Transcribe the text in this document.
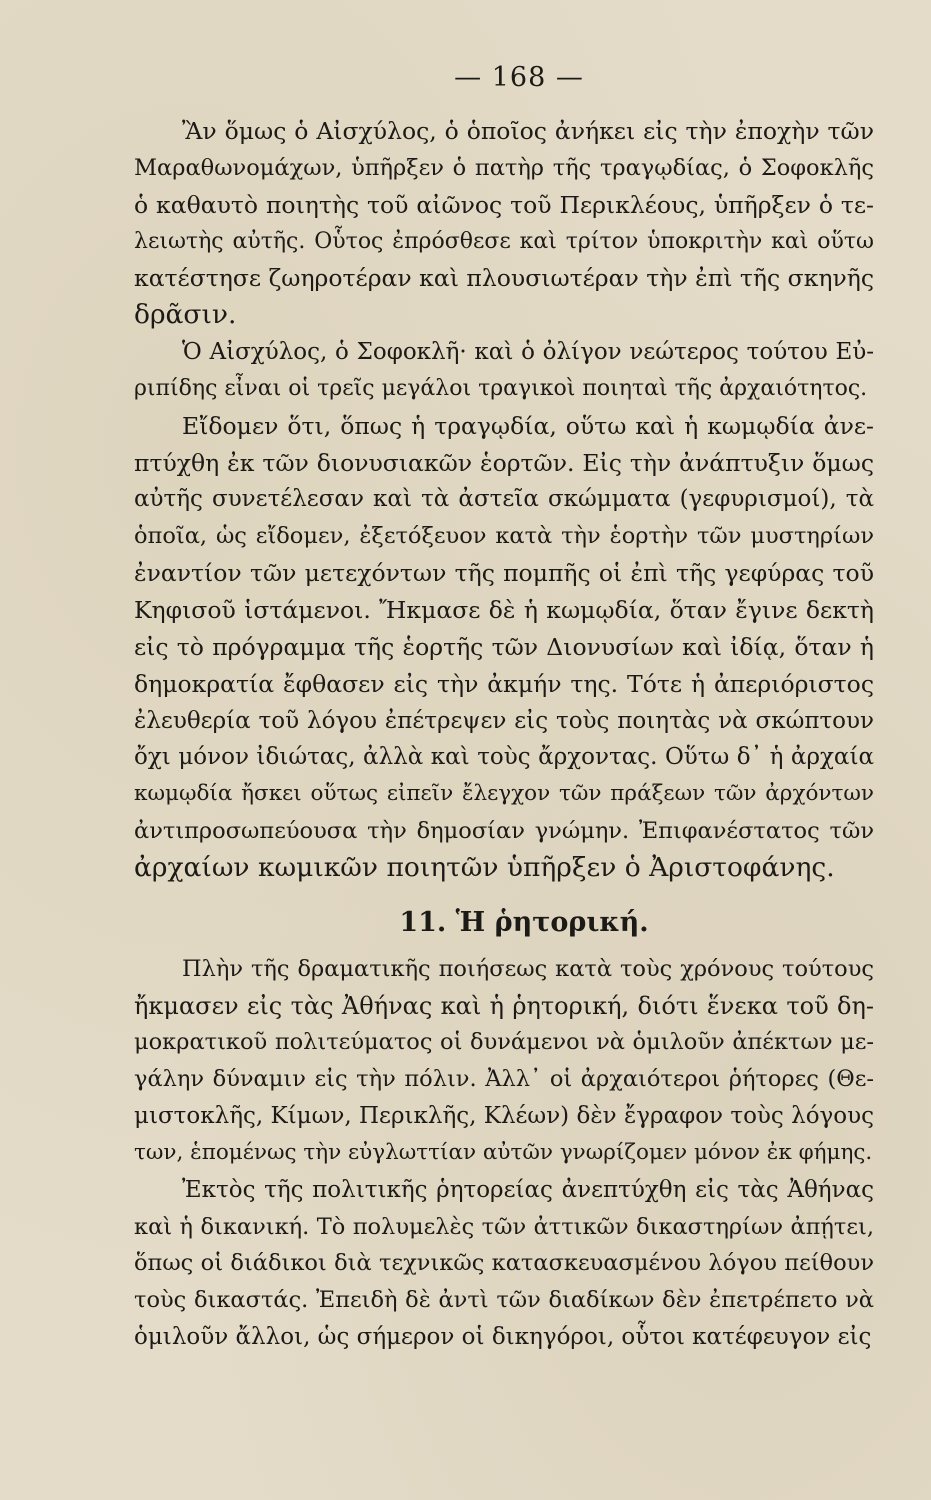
— 168 —
Ἂν ὅμως ὁ Αἰσχύλος, ὁ ὁποῖος ἀνήκει εἰς τὴν ἐποχὴν τῶν
Μαραθωνομάχων, ὑπῆρξεν ὁ πατὴρ τῆς τραγῳδίας, ὁ Σοφοκλῆς
ὁ καθαυτὸ ποιητὴς τοῦ αἰῶνος τοῦ Περικλέους, ὑπῆρξεν ὁ τε-
λειωτὴς αὐτῆς. Οὗτος ἐπρόσθεσε καὶ τρίτον ὑποκριτὴν καὶ οὕτω
κατέστησε ζωηροτέραν καὶ πλουσιωτέραν τὴν ἐπὶ τῆς σκηνῆς
δρᾶσιν.
Ὁ Αἰσχύλος, ὁ Σοφοκλῆ· καὶ ὁ ὀλίγον νεώτερος τούτου Εὐ-
ριπίδης εἶναι οἱ τρεῖς μεγάλοι τραγικοὶ ποιηταὶ τῆς ἀρχαιότητος.
Εἴδομεν ὅτι, ὅπως ἡ τραγῳδία, οὕτω καὶ ἡ κωμῳδία ἀνε-
πτύχθη ἐκ τῶν διονυσιακῶν ἑορτῶν. Εἰς τὴν ἀνάπτυξιν ὅμως
αὐτῆς συνετέλεσαν καὶ τὰ ἀστεῖα σκώμματα (γεφυρισμοί), τὰ
ὁποῖα, ὡς εἴδομεν, ἐξετόξευον κατὰ τὴν ἑορτὴν τῶν μυστηρίων
ἐναντίον τῶν μετεχόντων τῆς πομπῆς οἱ ἐπὶ τῆς γεφύρας τοῦ
Κηφισοῦ ἱστάμενοι. Ἤκμασε δὲ ἡ κωμῳδία, ὅταν ἔγινε δεκτὴ
εἰς τὸ πρόγραμμα τῆς ἑορτῆς τῶν Διονυσίων καὶ ἰδίᾳ, ὅταν ἡ
δημοκρατία ἔφθασεν εἰς τὴν ἀκμήν της. Τότε ἡ ἀπεριόριστος
ἐλευθερία τοῦ λόγου ἐπέτρεψεν εἰς τοὺς ποιητὰς νὰ σκώπτουν
ὄχι μόνον ἰδιώτας, ἀλλὰ καὶ τοὺς ἄρχοντας. Οὕτω δ᾿ ἡ ἀρχαία
κωμῳδία ἤσκει οὕτως εἰπεῖν ἔλεγχον τῶν πράξεων τῶν ἀρχόντων
ἀντιπροσωπεύουσα τὴν δημοσίαν γνώμην. Ἐπιφανέστατος τῶν
ἀρχαίων κωμικῶν ποιητῶν ὑπῆρξεν ὁ Ἀριστοφάνης.
11. Ἡ ῥητορική.
Πλὴν τῆς δραματικῆς ποιήσεως κατὰ τοὺς χρόνους τούτους
ἤκμασεν εἰς τὰς Ἀθήνας καὶ ἡ ῥητορική, διότι ἕνεκα τοῦ δη-
μοκρατικοῦ πολιτεύματος οἱ δυνάμενοι νὰ ὁμιλοῦν ἀπέκτων με-
γάλην δύναμιν εἰς τὴν πόλιν. Ἀλλ᾿ οἱ ἀρχαιότεροι ῥήτορες (Θε-
μιστοκλῆς, Κίμων, Περικλῆς, Κλέων) δὲν ἔγραφον τοὺς λόγους
των, ἑπομένως τὴν εὐγλωττίαν αὐτῶν γνωρίζομεν μόνον ἐκ φήμης.
Ἐκτὸς τῆς πολιτικῆς ῥητορείας ἀνεπτύχθη εἰς τὰς Ἀθήνας
καὶ ἡ δικανική. Τὸ πολυμελὲς τῶν ἀττικῶν δικαστηρίων ἀπῄτει,
ὅπως οἱ διάδικοι διὰ τεχνικῶς κατασκευασμένου λόγου πείθουν
τοὺς δικαστάς. Ἐπειδὴ δὲ ἀντὶ τῶν διαδίκων δὲν ἐπετρέπετο νὰ
ὁμιλοῦν ἄλλοι, ὡς σήμερον οἱ δικηγόροι, οὗτοι κατέφευγον εἰς
